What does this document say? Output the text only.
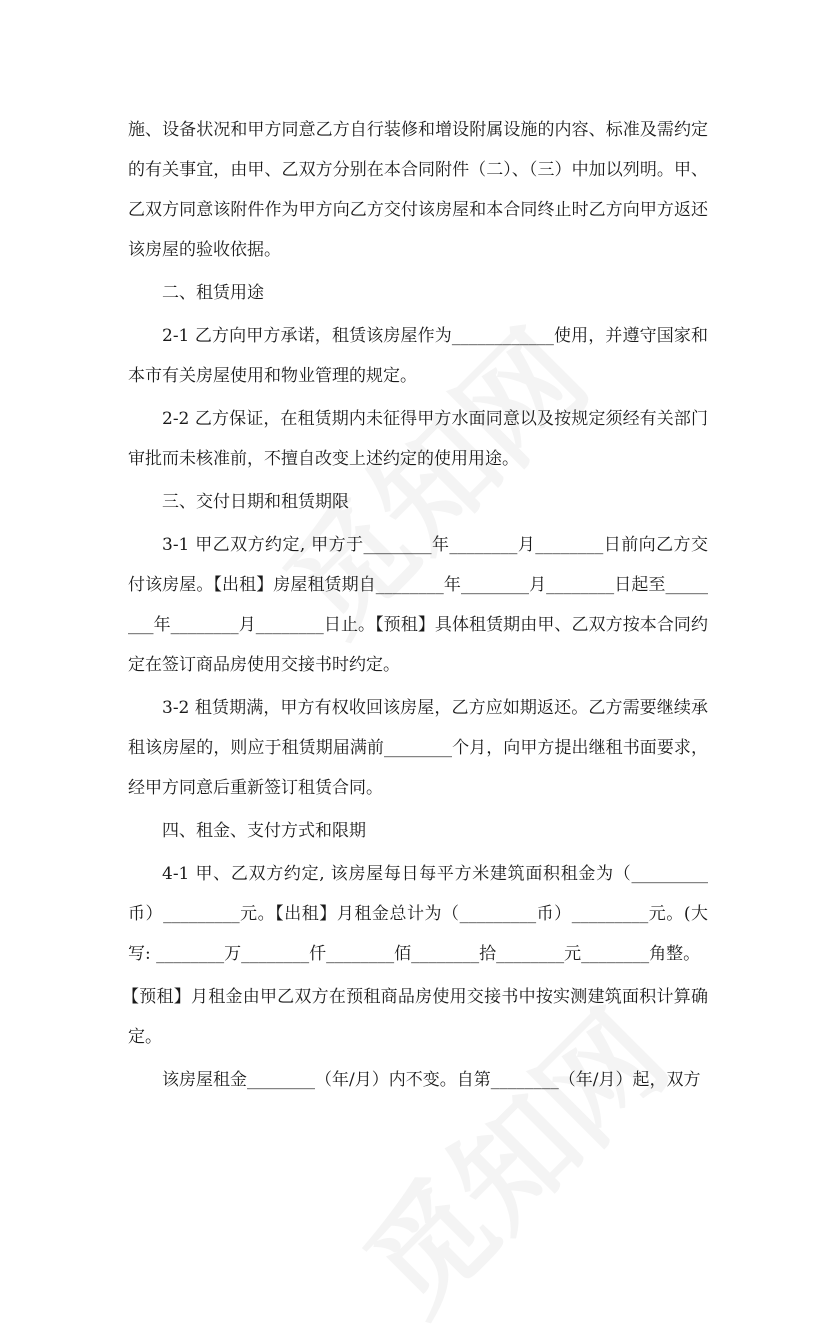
施、设备状况和甲方同意乙方自行装修和增设附属设施的内容、标准及需约定的有关事宜，由甲、乙双方分别在本合同附件（二）、（三）中加以列明。甲、乙双方同意该附件作为甲方向乙方交付该房屋和本合同终止时乙方向甲方返还该房屋的验收依据。

二、租赁用途

2-1 乙方向甲方承诺，租赁该房屋作为____________使用，并遵守国家和本市有关房屋使用和物业管理的规定。

2-2 乙方保证，在租赁期内未征得甲方水面同意以及按规定须经有关部门审批而未核准前，不擅自改变上述约定的使用用途。

三、交付日期和租赁期限

3-1 甲乙双方约定, 甲方于________年________月________日前向乙方交付该房屋。【出租】房屋租赁期自________年________月________日起至________年________月________日止。【预租】具体租赁期由甲、乙双方按本合同约定在签订商品房使用交接书时约定。

3-2 租赁期满，甲方有权收回该房屋，乙方应如期返还。乙方需要继续承租该房屋的，则应于租赁期届满前________个月，向甲方提出继租书面要求，经甲方同意后重新签订租赁合同。

四、租金、支付方式和限期

4-1 甲、乙双方约定, 该房屋每日每平方米建筑面积租金为（_________币）_________元。【出租】月租金总计为（_________币）_________元。(大写: ________万________仟________佰________拾________元________角整。

【预租】月租金由甲乙双方在预租商品房使用交接书中按实测建筑面积计算确定。

该房屋租金________（年/月）内不变。自第________（年/月）起，双方
